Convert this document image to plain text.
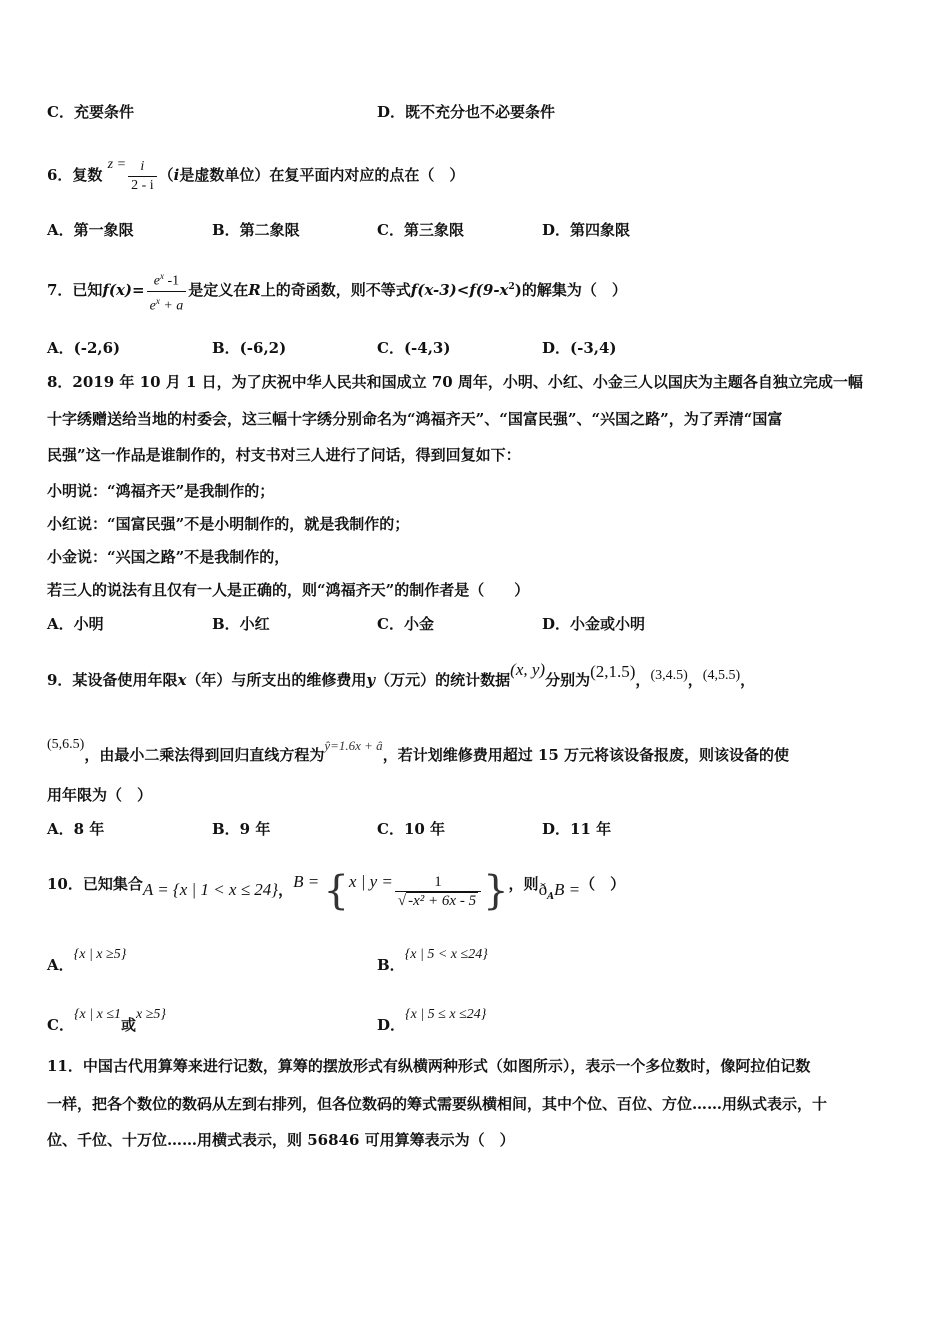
C．充要条件	D．既不充分也不必要条件
6．复数 $z = \frac{i}{2 - i} (i$是虚数单位）在复平面内对应的点在（　）
A．第一象限	B．第二象限	C．第三象限	D．第四象限
7．已知$f(x)= \frac{e^x -1}{e^x + a}$ 是定义在R上的奇函数，则不等式$f(x-3)<f(9-x^2)$的解集为（　）
A．(-2,6)	B．(-6,2)	C．(-4,3)	D．(-3,4)
8．2019 年 10 月 1 日，为了庆祝中华人民共和国成立 70 周年，小明、小红、小金三人以国庆为主题各自独立完成一幅
十字绣赠送给当地的村委会，这三幅十字绣分别命名为“鸿福齐天”、“国富民强”、“兴国之路”，为了弄清“国富
民强”这一作品是谁制作的，村支书对三人进行了问话，得到回复如下：
小明说：“鸿福齐天”是我制作的；
小红说：“国富民强”不是小明制作的，就是我制作的；
小金说：“兴国之路”不是我制作的，
若三人的说法有且仅有一人是正确的，则“鸿福齐天”的制作者是（　　）
A．小明	B．小红	C．小金	D．小金或小明
9．某设备使用年限x（年）与所支出的维修费用y（万元）的统计数据(x, y)分别为(2,1.5)，(3,4.5)，(4,5.5)，
(5,6.5)，由最小二乘法得到回归直线方程为ŷ=1.6x + â，若计划维修费用超过 15 万元将该设备报废，则该设备的使
用年限为（　）
A．8 年	B．9 年	C．10 年	D．11 年
10．已知集合A = {x | 1 < x ≤ 24}，B = {x | $y = \frac{1}{\text{√ -x² + 6x - 5}}$ }，则$ð_AB$ =（　）
A．{x | x ≥5}
B．{x | 5 < x ≤24}
C．{x | x ≤1或x ≥5}
D．{x | 5 ≤ x ≤24}
11．中国古代用算筹来进行记数，算筹的摆放形式有纵横两种形式（如图所示），表示一个多位数时，像阿拉伯记数
一样，把各个数位的数码从左到右排列，但各位数码的筹式需要纵横相间，其中个位、百位、方位……用纵式表示，十
位、千位、十万位……用横式表示，则 56846 可用算筹表示为（　）
